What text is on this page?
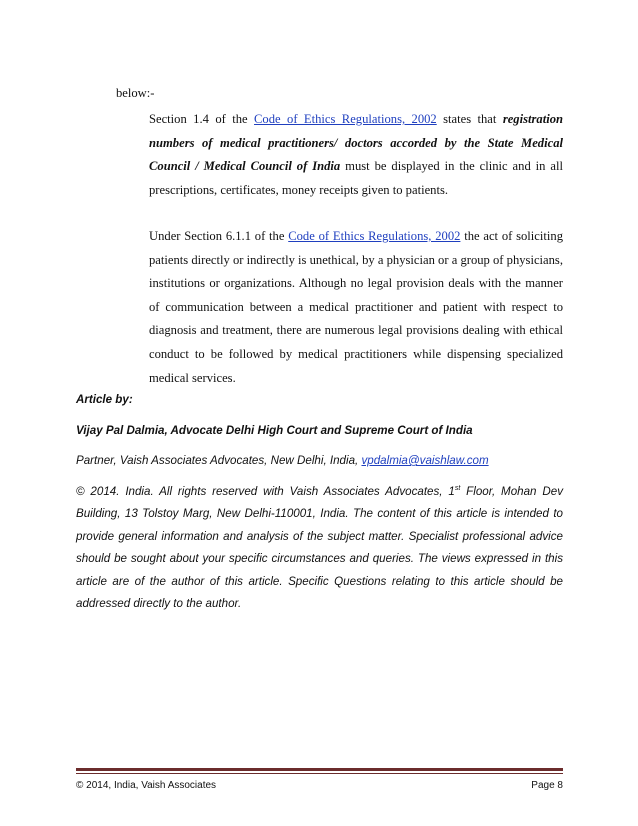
below:-
Section 1.4 of the Code of Ethics Regulations, 2002 states that registration numbers of medical practitioners/ doctors accorded by the State Medical Council / Medical Council of India must be displayed in the clinic and in all prescriptions, certificates, money receipts given to patients.
Under Section 6.1.1 of the Code of Ethics Regulations, 2002 the act of soliciting patients directly or indirectly is unethical, by a physician or a group of physicians, institutions or organizations. Although no legal provision deals with the manner of communication between a medical practitioner and patient with respect to diagnosis and treatment, there are numerous legal provisions dealing with ethical conduct to be followed by medical practitioners while dispensing specialized medical services.
Article by:
Vijay Pal Dalmia, Advocate Delhi High Court and Supreme Court of India
Partner, Vaish Associates Advocates, New Delhi, India, vpdalmia@vaishlaw.com
© 2014. India. All rights reserved with Vaish Associates Advocates, 1st Floor, Mohan Dev Building, 13 Tolstoy Marg, New Delhi-110001, India. The content of this article is intended to provide general information and analysis of the subject matter. Specialist professional advice should be sought about your specific circumstances and queries. The views expressed in this article are of the author of this article. Specific Questions relating to this article should be addressed directly to the author.
© 2014, India, Vaish Associates	Page 8
